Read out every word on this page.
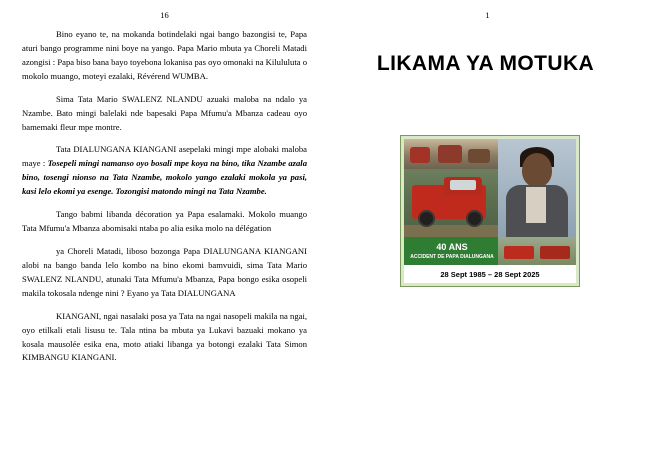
16

Bino eyano te, na mokanda botindelaki ngai bango bazongisi te, Papa aturi bango programme nini boye na yango. Papa Mario mbuta ya Choreli Matadi azongisi : Papa biso bana bayo toyebona lokanisa pas oyo omonaki na Kilululuta o mokolo muango, moteyi ezalaki, Révérend WUMBA.

Sima Tata Mario SWALENZ NLANDU azuaki maloba na ndalo ya Nzambe. Bato mingi balelaki nde bapesaki Papa Mfumu'a Mbanza cadeau oyo bamemaki fleur mpe montre.

Tata DIALUNGANA KIANGANI asepelaki mingi mpe alobaki maloba maye : Tosepeli mingi namanso oyo bosali mpe koya na bino, tika Nzambe azala bino, tosengi nionso na Tata Nzambe, mokolo yango ezalaki mokola ya pasi, kasi lelo ekomi ya esenge. Tozongisi matondo mingi na Tata Nzambe.

Tango babmi libanda décoration ya Papa esalamaki. Mokolo muango Tata Mfumu'a Mbanza abomisaki ntaba po alia esika molo na délégation

ya Choreli Matadi, liboso bozonga Papa DIALUNGANA KIANGANI alobi na bango banda lelo kombo na bino ekomi bamvuidi, sima Tata Mario SWALENZ NLANDU, atunaki Tata Mfumu'a Mbanza, Papa bongo esika osopeli makila tokosala ndenge nini ? Eyano ya Tata DIALUNGANA

KIANGANI, ngai nasalaki posa ya Tata na ngai nasopeli makila na ngai, oyo etilkali etali lisusu te. Tala ntina ba mbuta ya Lukavi bazuaki mokano ya kosala mausolée esika ena, moto atiaki libanga ya botongi ezalaki Tata Simon KIMBANGU KIANGANI.

1
LIKAMA YA MOTUKA
40 ANS
ACCIDENT DE PAPA DIALUNGANA
28 Sept 1985 – 28 Sept 2025
